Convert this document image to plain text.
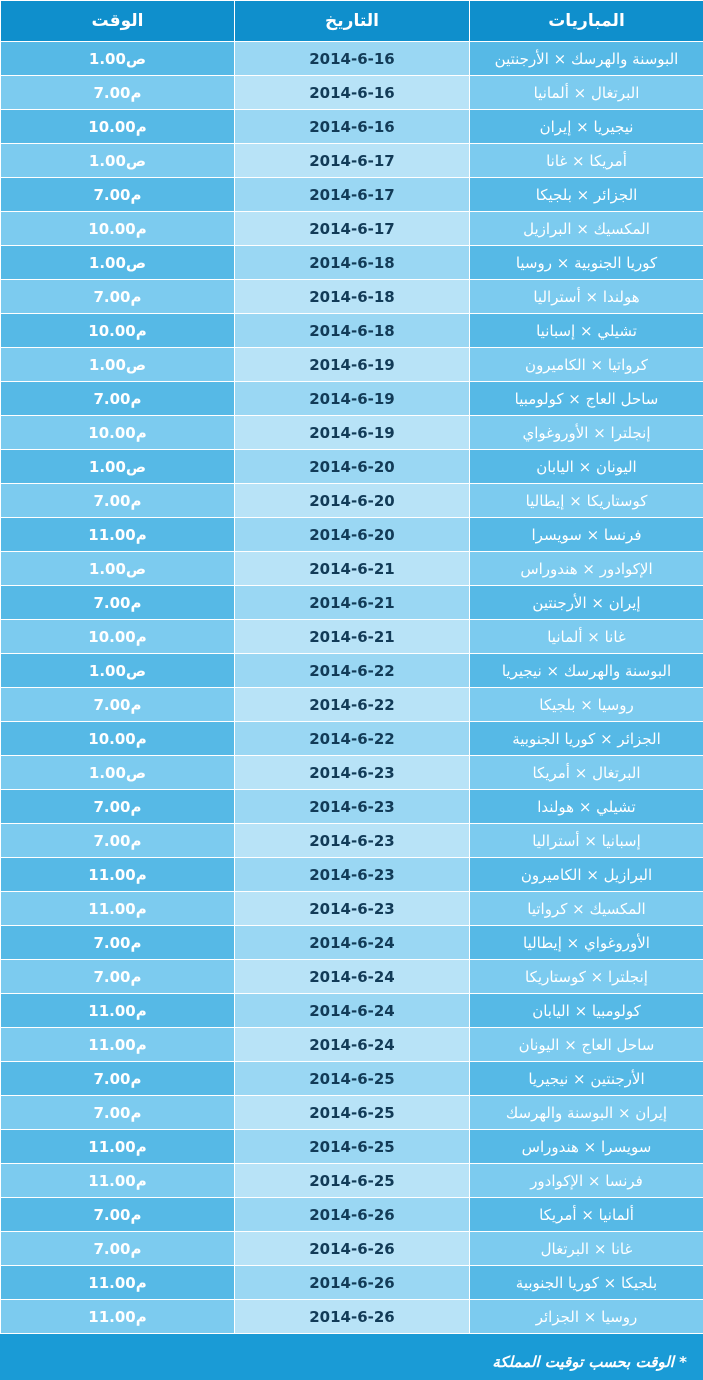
الوقت	التاريخ	المباريات
1.00ص	2014-6-16	البوسنة والهرسك × الأرجنتين
7.00م	2014-6-16	البرتغال × ألمانيا
10.00م	2014-6-16	نيجيريا × إيران
1.00ص	2014-6-17	أمريكا × غانا
7.00م	2014-6-17	الجزائر × بلجيكا
10.00م	2014-6-17	المكسيك × البرازيل
1.00ص	2014-6-18	كوريا الجنوبية × روسيا
7.00م	2014-6-18	هولندا × أستراليا
10.00م	2014-6-18	تشيلي × إسبانيا
1.00ص	2014-6-19	كرواتيا × الكاميرون
7.00م	2014-6-19	ساحل العاج × كولومبيا
10.00م	2014-6-19	إنجلترا × الأوروغواي
1.00ص	2014-6-20	اليونان × اليابان
7.00م	2014-6-20	كوستاريكا × إيطاليا
11.00م	2014-6-20	فرنسا × سويسرا
1.00ص	2014-6-21	الإكوادور × هندوراس
7.00م	2014-6-21	إيران × الأرجنتين
10.00م	2014-6-21	غانا × ألمانيا
1.00ص	2014-6-22	البوسنة والهرسك × نيجيريا
7.00م	2014-6-22	روسيا × بلجيكا
10.00م	2014-6-22	الجزائر × كوريا الجنوبية
1.00ص	2014-6-23	البرتغال × أمريكا
7.00م	2014-6-23	تشيلي × هولندا
7.00م	2014-6-23	إسبانيا × أستراليا
11.00م	2014-6-23	البرازيل × الكاميرون
11.00م	2014-6-23	المكسيك × كرواتيا
7.00م	2014-6-24	الأوروغواي × إيطاليا
7.00م	2014-6-24	إنجلترا × كوستاريكا
11.00م	2014-6-24	كولومبيا × اليابان
11.00م	2014-6-24	ساحل العاج × اليونان
7.00م	2014-6-25	الأرجنتين × نيجيريا
7.00م	2014-6-25	إيران × البوسنة والهرسك
11.00م	2014-6-25	سويسرا × هندوراس
11.00م	2014-6-25	فرنسا × الإكوادور
7.00م	2014-6-26	ألمانيا × أمريكا
7.00م	2014-6-26	غانا × البرتغال
11.00م	2014-6-26	بلجيكا × كوريا الجنوبية
11.00م	2014-6-26	روسيا × الجزائر
* الوقت بحسب توقيت المملكة
